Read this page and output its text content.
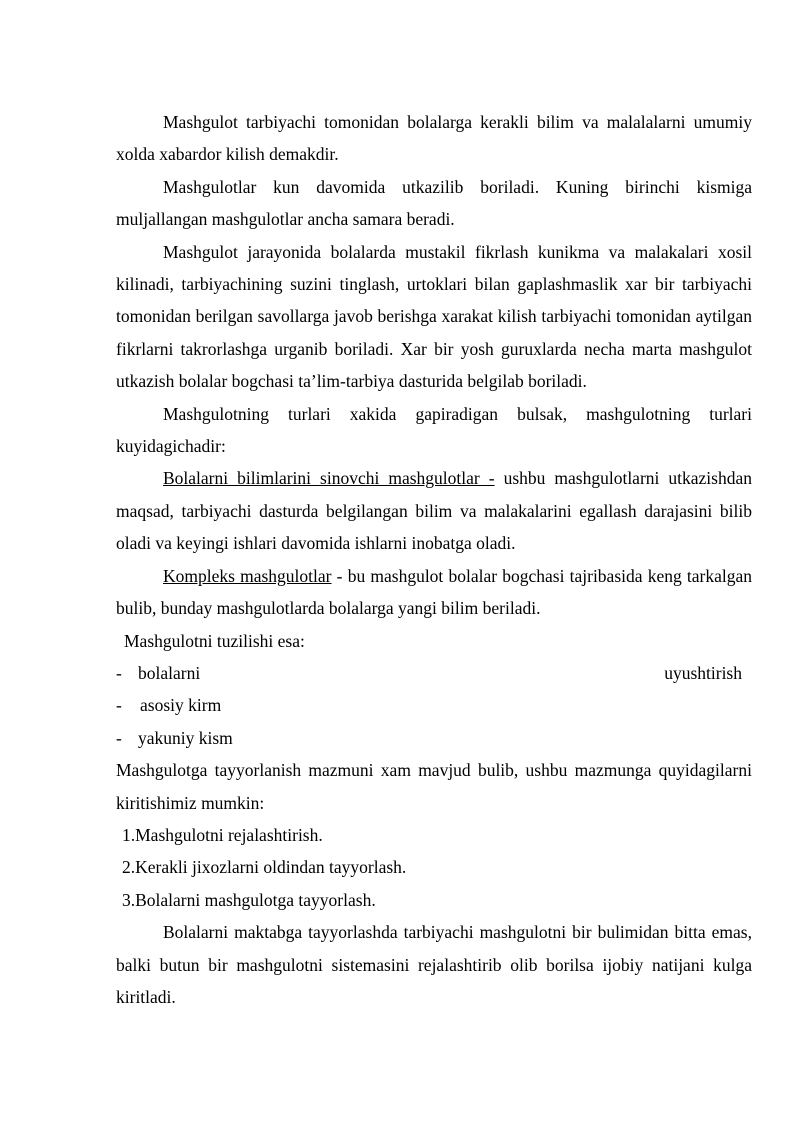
Mashgulot tarbiyachi tomonidan bolalarga kerakli bilim va malalalarni umumiy xolda xabardor kilish demakdir.

Mashgulotlar kun davomida utkazilib boriladi. Kuning birinchi kismiga muljallangan mashgulotlar ancha samara beradi.

Mashgulot jarayonida bolalarda mustakil fikrlash kunikma va malakalari xosil kilinadi, tarbiyachining suzini tinglash, urtoklari bilan gaplashmaslik xar bir tarbiyachi tomonidan berilgan savollarga javob berishga xarakat kilish tarbiyachi tomonidan aytilgan fikrlarni takrorlashga urganib boriladi. Xar bir yosh guruxlarda necha marta mashgulot utkazish bolalar bogchasi ta’lim-tarbiya dasturida belgilab boriladi.

Mashgulotning turlari xakida gapiradigan bulsak, mashgulotning turlari kuyidagichadir:

Bolalarni bilimlarini sinovchi mashgulotlar - ushbu mashgulotlarni utkazishdan maqsad, tarbiyachi dasturda belgilangan bilim va malakalarini egallash darajasini bilib oladi va keyingi ishlari davomida ishlarni inobatga oladi.

Kompleks mashgulotlar - bu mashgulot bolalar bogchasi tajribasida keng tarkalgan bulib, bunday mashgulotlarda bolalarga yangi bilim beriladi.

Mashgulotni tuzilishi esa:

- bolalarni	uyushtirish
-	asosiy kirm
- yakuniy kism

Mashgulotga tayyorlanish mazmuni xam mavjud bulib, ushbu mazmunga quyidagilarni kiritishimiz mumkin:

1.Mashgulotni rejalashtirish.

2.Kerakli jixozlarni oldindan tayyorlash.

3.Bolalarni mashgulotga tayyorlash.

Bolalarni maktabga tayyorlashda tarbiyachi mashgulotni bir bulimidan bitta emas, balki butun bir mashgulotni sistemasini rejalashtirib olib borilsa ijobiy natijani kulga kiritladi.
